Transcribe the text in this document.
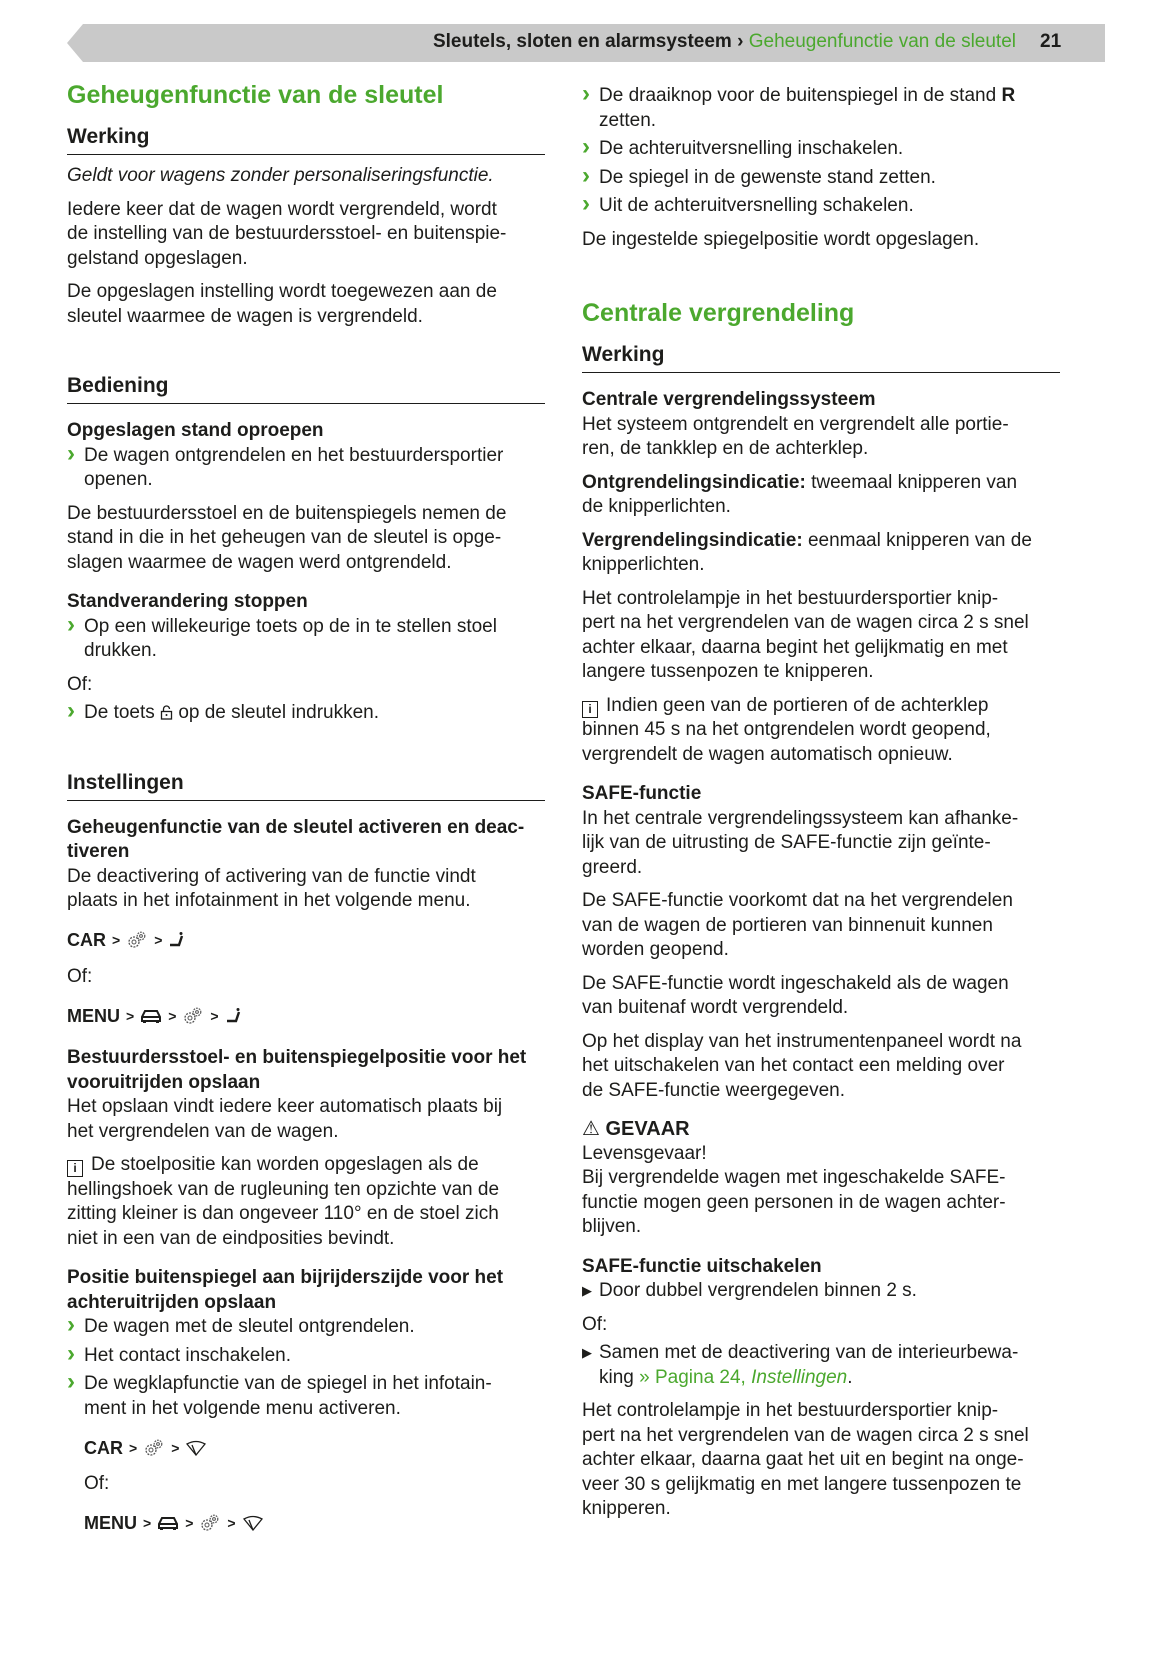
Sleutels, sloten en alarmsysteem › Geheugenfunctie van de sleutel 21
Geheugenfunctie van de sleutel
Werking
Geldt voor wagens zonder personaliseringsfunctie.
Iedere keer dat de wagen wordt vergrendeld, wordt
de instelling van de bestuurdersstoel- en buitenspie-
gelstand opgeslagen.
De opgeslagen instelling wordt toegewezen aan de
sleutel waarmee de wagen is vergrendeld.
Bediening
Opgeslagen stand oproepen
› De wagen ontgrendelen en het bestuurdersportier
openen.
De bestuurdersstoel en de buitenspiegels nemen de
stand in die in het geheugen van de sleutel is opge-
slagen waarmee de wagen werd ontgrendeld.
Standverandering stoppen
› Op een willekeurige toets op de in te stellen stoel
drukken.
Of:
› De toets  op de sleutel indrukken.
Instellingen
Geheugenfunctie van de sleutel activeren en deac-
tiveren
De deactivering of activering van de functie vindt
plaats in het infotainment in het volgende menu.
CAR > >
Of:
MENU > > >
Bestuurdersstoel- en buitenspiegelpositie voor het
vooruitrijden opslaan
Het opslaan vindt iedere keer automatisch plaats bij
het vergrendelen van de wagen.
i De stoelpositie kan worden opgeslagen als de
hellingshoek van de rugleuning ten opzichte van de
zitting kleiner is dan ongeveer 110° en de stoel zich
niet in een van de eindposities bevindt.
Positie buitenspiegel aan bijrijderszijde voor het
achteruitrijden opslaan
› De wagen met de sleutel ontgrendelen.
› Het contact inschakelen.
› De wegklapfunctie van de spiegel in het infotain-
ment in het volgende menu activeren.
CAR > >
Of:
MENU > > >
› De draaiknop voor de buitenspiegel in de stand R
zetten.
› De achteruitversnelling inschakelen.
› De spiegel in de gewenste stand zetten.
› Uit de achteruitversnelling schakelen.
De ingestelde spiegelpositie wordt opgeslagen.
Centrale vergrendeling
Werking
Centrale vergrendelingssysteem
Het systeem ontgrendelt en vergrendelt alle portie-
ren, de tankklep en de achterklep.
Ontgrendelingsindicatie: tweemaal knipperen van
de knipperlichten.
Vergrendelingsindicatie: eenmaal knipperen van de
knipperlichten.
Het controlelampje in het bestuurdersportier knip-
pert na het vergrendelen van de wagen circa 2 s snel
achter elkaar, daarna begint het gelijkmatig en met
langere tussenpozen te knipperen.
i Indien geen van de portieren of de achterklep
binnen 45 s na het ontgrendelen wordt geopend,
vergrendelt de wagen automatisch opnieuw.
SAFE-functie
In het centrale vergrendelingssysteem kan afhanke-
lijk van de uitrusting de SAFE-functie zijn geïnte-
greerd.
De SAFE-functie voorkomt dat na het vergrendelen
van de wagen de portieren van binnenuit kunnen
worden geopend.
De SAFE-functie wordt ingeschakeld als de wagen
van buitenaf wordt vergrendeld.
Op het display van het instrumentenpaneel wordt na
het uitschakelen van het contact een melding over
de SAFE-functie weergegeven.
⚠ GEVAAR
Levensgevaar!
Bij vergrendelde wagen met ingeschakelde SAFE-
functie mogen geen personen in de wagen achter-
blijven.
SAFE-functie uitschakelen
▶ Door dubbel vergrendelen binnen 2 s.
Of:
▶ Samen met de deactivering van de interieurbewa-
king » Pagina 24, Instellingen.
Het controlelampje in het bestuurdersportier knip-
pert na het vergrendelen van de wagen circa 2 s snel
achter elkaar, daarna gaat het uit en begint na onge-
veer 30 s gelijkmatig en met langere tussenpozen te
knipperen.
